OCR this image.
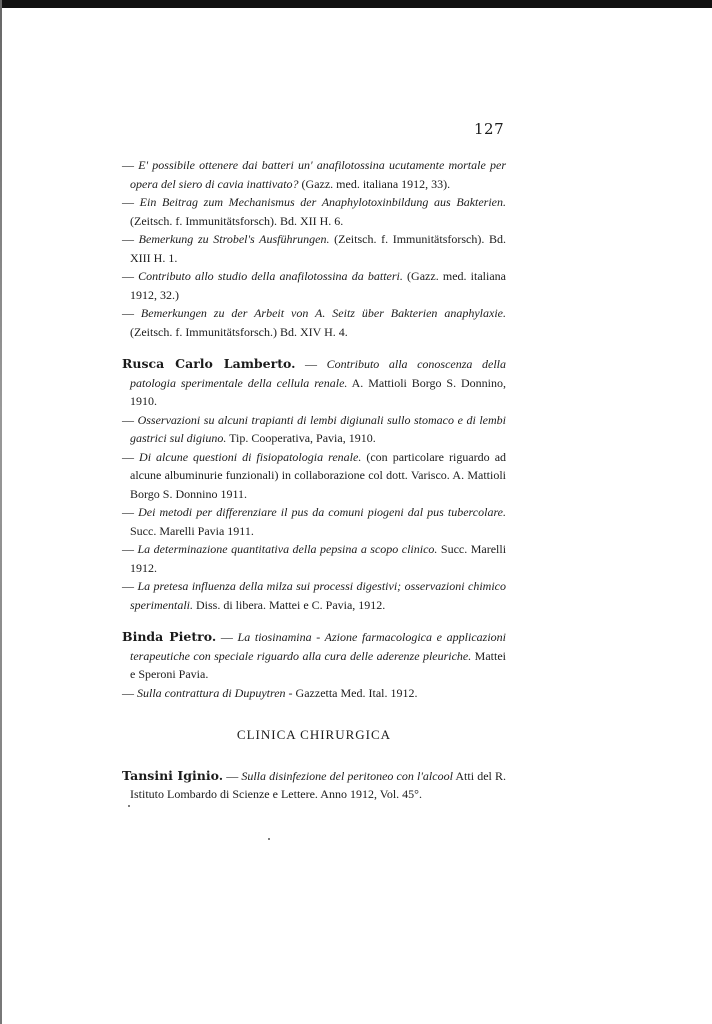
127

— E' possibile ottenere dai batteri un' anafilotossina ucutamente mortale per opera del siero di cavia inattivato? (Gazz. med. italiana 1912, 33).

— Ein Beitrag zum Mechanismus der Anaphylotoxinbildung aus Bakterien. (Zeitsch. f. Immunitätsforsch). Bd. XII H. 6.

— Bemerkung zu Strobel's Ausführungen. (Zeitsch. f. Immunitätsforsch). Bd. XIII H. 1.

— Contributo allo studio della anafilotossina da batteri. (Gazz. med. italiana 1912, 32.)

— Bemerkungen zu der Arbeit von A. Seitz über Bakterien anaphylaxie. (Zeitsch. f. Immunitätsforsch.) Bd. XIV H. 4.

Rusca Carlo Lamberto. — Contributo alla conoscenza della patologia sperimentale della cellula renale. A. Mattioli Borgo S. Donnino, 1910.

— Osservazioni su alcuni trapianti di lembi digiunali sullo stomaco e di lembi gastrici sul digiuno. Tip. Cooperativa, Pavia, 1910.

— Di alcune questioni di fisiopatologia renale. (con particolare riguardo ad alcune albuminurie funzionali) in collaborazione col dott. Varisco. A. Mattioli Borgo S. Donnino 1911.

— Dei metodi per differenziare il pus da comuni piogeni dal pus tubercolare. Succ. Marelli Pavia 1911.

— La determinazione quantitativa della pepsina a scopo clinico. Succ. Marelli 1912.

— La pretesa influenza della milza sui processi digestivi; osservazioni chimico sperimentali. Diss. di libera. Mattei e C. Pavia, 1912.

Binda Pietro. — La tiosinamina - Azione farmacologica e applicazioni terapeutiche con speciale riguardo alla cura delle aderenze pleuriche. Mattei e Speroni Pavia.

— Sulla contrattura di Dupuytren - Gazzetta Med. Ital. 1912.

CLINICA CHIRURGICA

Tansini Iginio. — Sulla disinfezione del peritoneo con l'alcool Atti del R. Istituto Lombardo di Scienze e Lettere. Anno 1912, Vol. 45°.
